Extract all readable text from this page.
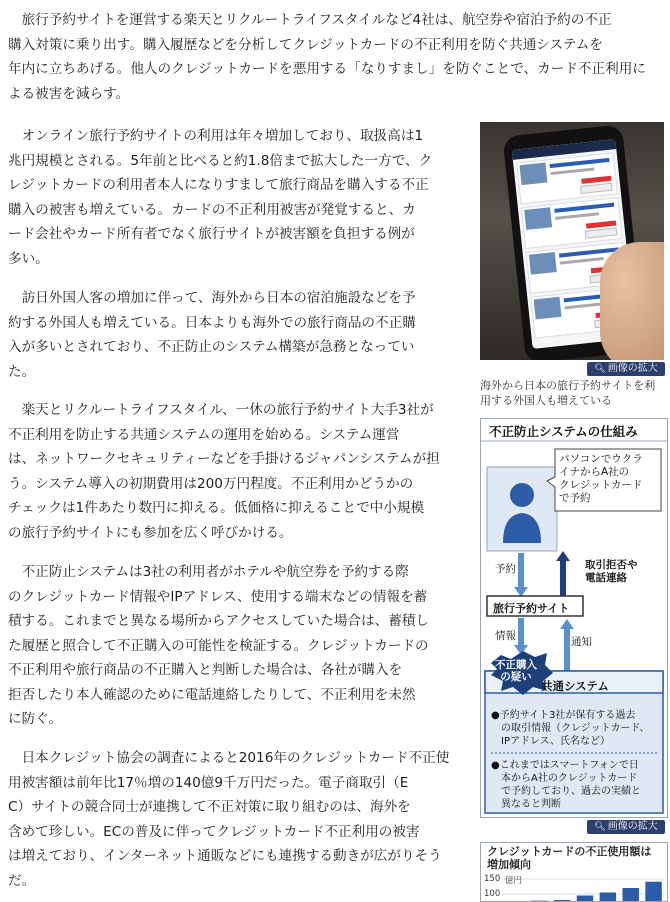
　旅行予約サイトを運営する楽天とリクルートライフスタイルなど4社は、航空券や宿泊予約の不正
購入対策に乗り出す。購入履歴などを分析してクレジットカードの不正利用を防ぐ共通システムを
年内に立ちあげる。他人のクレジットカードを悪用する「なりすまし」を防ぐことで、カード不正利用に
よる被害を減らす。
　オンライン旅行予約サイトの利用は年々増加しており、取扱高は1
兆円規模とされる。5年前と比べると約1.8倍まで拡大した一方で、ク
レジットカードの利用者本人になりすまして旅行商品を購入する不正
購入の被害も増えている。カードの不正利用被害が発覚すると、カ
ード会社やカード所有者でなく旅行サイトが被害額を負担する例が
多い。
　訪日外国人客の増加に伴って、海外から日本の宿泊施設などを予
約する外国人も増えている。日本よりも海外での旅行商品の不正購
入が多いとされており、不正防止のシステム構築が急務となってい
た。
　楽天とリクルートライフスタイル、一休の旅行予約サイト大手3社が
不正利用を防止する共通システムの運用を始める。システム運営
は、ネットワークセキュリティーなどを手掛けるジャパンシステムが担
う。システム導入の初期費用は200万円程度。不正利用かどうかの
チェックは1件あたり数円に抑える。低価格に抑えることで中小規模
の旅行予約サイトにも参加を広く呼びかける。
　不正防止システムは3社の利用者がホテルや航空券を予約する際
のクレジットカード情報やIPアドレス、使用する端末などの情報を蓄
積する。これまでと異なる場所からアクセスしていた場合は、蓄積し
た履歴と照合して不正購入の可能性を検証する。クレジットカードの
不正利用や旅行商品の不正購入と判断した場合は、各社が購入を
拒否したり本人確認のために電話連絡したりして、不正利用を未然
に防ぐ。
　日本クレジット協会の調査によると2016年のクレジットカード不正使
用被害額は前年比17％増の140億9千万円だった。電子商取引（E
C）サイトの競合同士が連携して不正対策に取り組むのは、海外を
含めて珍しい。ECの普及に伴ってクレジットカード不正利用の被害
は増えており、インターネット通販などにも連携する動きが広がりそう
だ。
🔍︎ 画像の拡大

海外から日本の旅行予約サイトを利用する外国人も増えている

不正防止システムの仕組み

パソコンでウクラ
イナからA社の
クレジットカード
で予約

予約	取引拒否や
電話連絡

旅行予約サイト

情報	通知

不正購入
の疑い

共通システム

●予約サイト3社が保有する過去
　の取引情報（クレジットカード、
　IPアドレス、氏名など）
●これまではスマートフォンで日
　本からA社のクレジットカード
　で予約しており、過去の実績と
　異なると判断
🔍︎ 画像の拡大
クレジットカードの不正使用額は
増加傾向

億円

150

100
